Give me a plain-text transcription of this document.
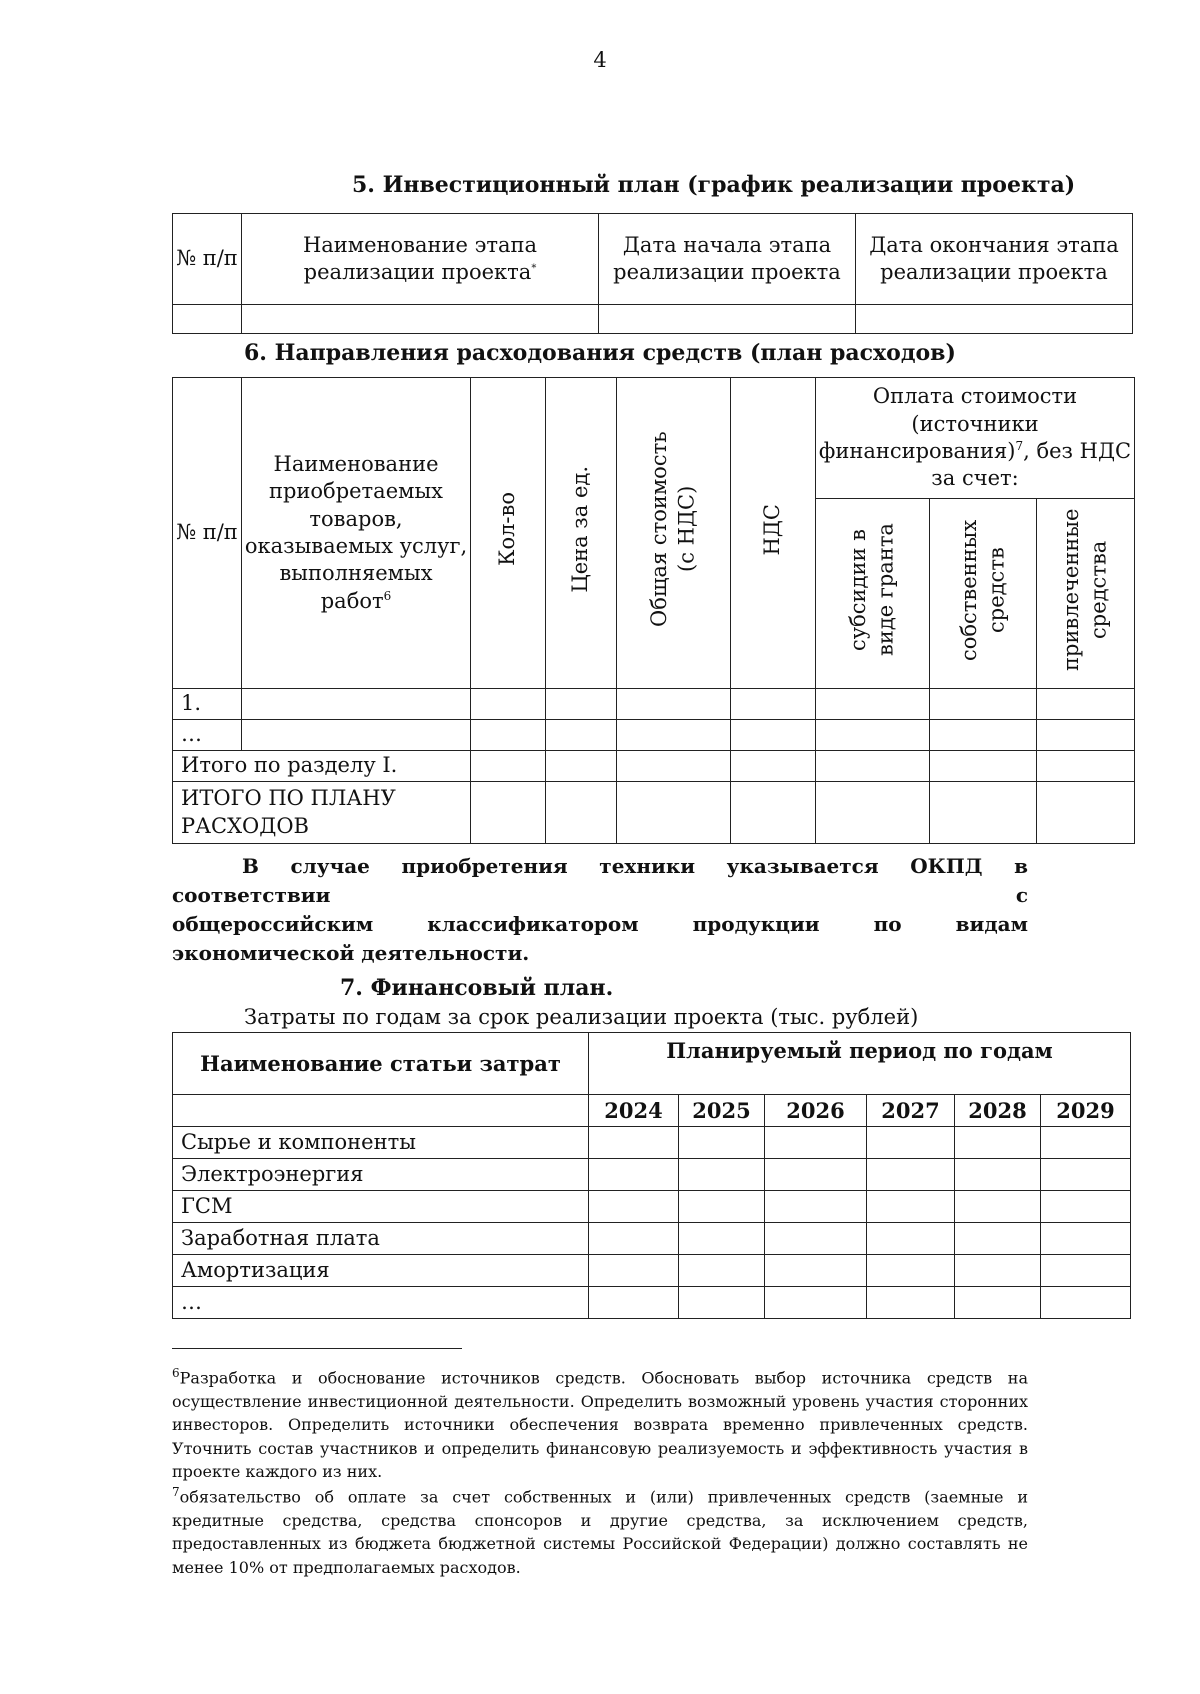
4
5. Инвестиционный план (график реализации проекта)
№ п/п	Наименование этапа реализации проекта*	Дата начала этапа реализации проекта	Дата окончания этапа реализации проекта

6. Направления расходования средств (план расходов)
№ п/п	Наименование приобретаемых товаров, оказываемых услуг, выполняемых работ$^6$	Кол-во	Цена за ед.	Общая стоимость (с НДС)	НДС	Оплата стоимости (источники финансирования)$^7$, без НДС за счет:		
						субсидии в виде гранта	собственных средств	привлеченные средства
1.								
…								
Итого по разделу I.								
ИТОГО ПО ПЛАНУ РАСХОДОВ								
В случае приобретения техники указывается ОКПД в соответствии с
общероссийским классификатором продукции по видам экономической деятельности.
7. Финансовый план.
Затраты по годам за срок реализации проекта (тыс. рублей)
Наименование статьи затрат	Планируемый период по годам					
	2024	2025	2026	2027	2028	2029
Сырье и компоненты						
Электроэнергия						
ГСМ						
Заработная плата						
Амортизация						
…						
$^6$Разработка и обоснование источников средств. Обосновать выбор источника средств на осуществление инвестиционной деятельности. Определить возможный уровень участия сторонних инвесторов. Определить источники обеспечения возврата временно привлеченных средств. Уточнить состав участников и определить финансовую реализуемость и эффективность участия в проекте каждого из них.
$^7$обязательство об оплате за счет собственных и (или) привлеченных средств (заемные и кредитные средства, средства спонсоров и другие средства, за исключением средств, предоставленных из бюджета бюджетной системы Российской Федерации) должно составлять не менее 10% от предполагаемых расходов.
